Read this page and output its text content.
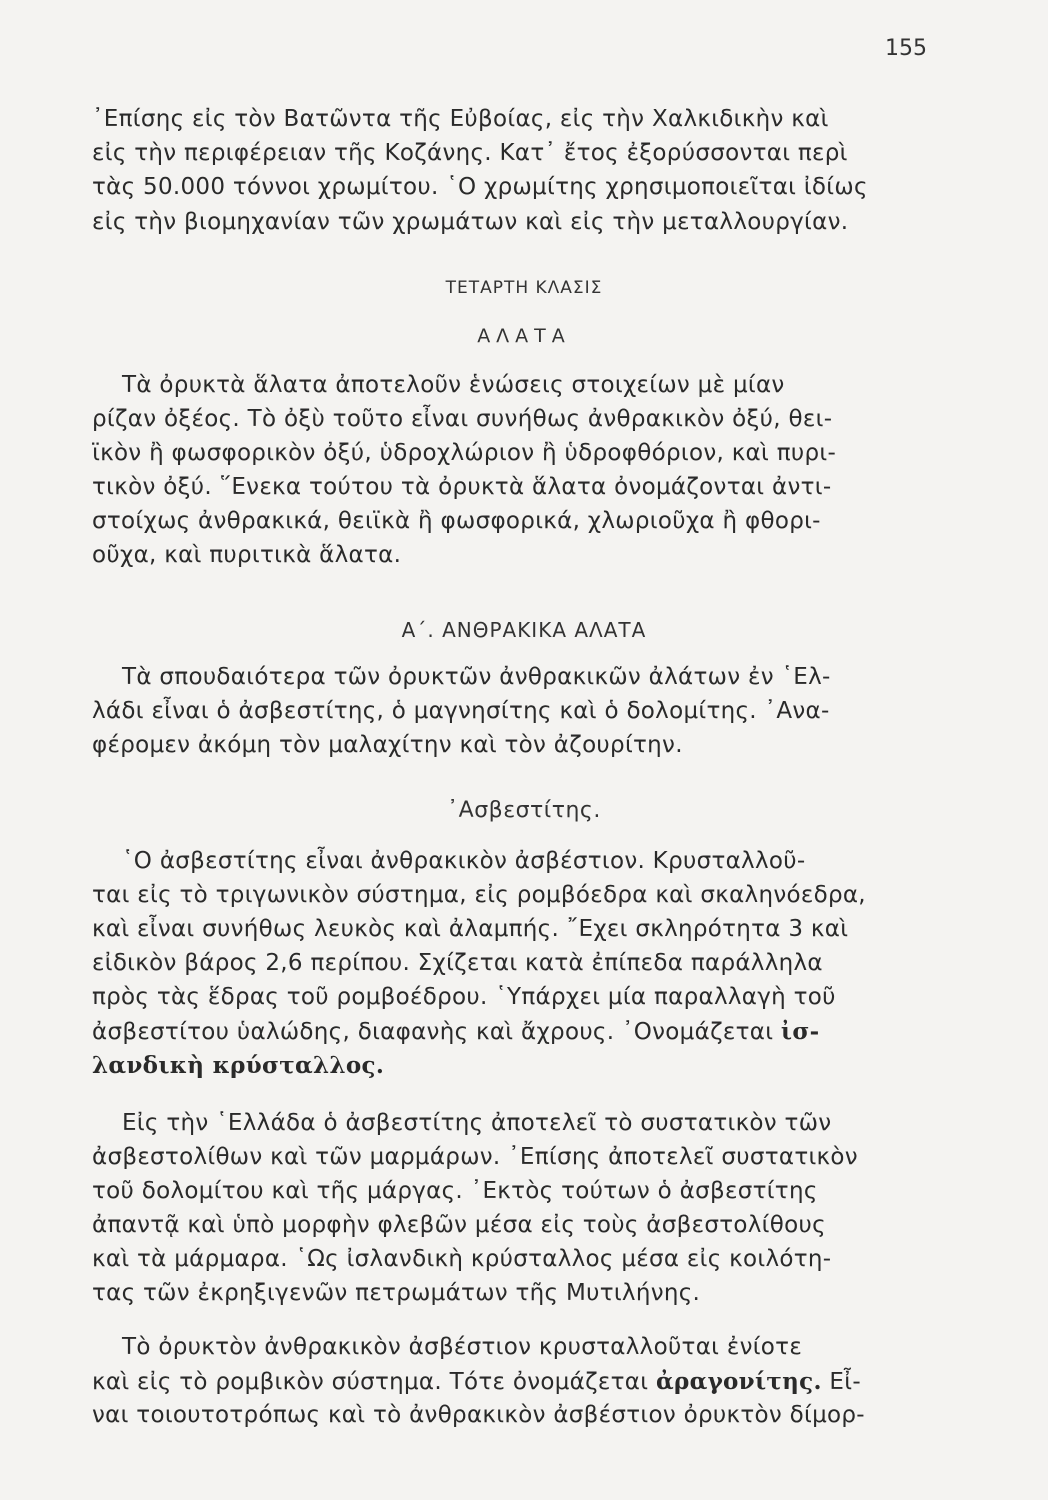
155
᾿Επίσης εἰς τὸν Βατῶντα τῆς Εὐβοίας, εἰς τὴν Χαλκιδικὴν καὶ
εἰς τὴν περιφέρειαν τῆς Κοζάνης. Κατ᾿ ἔτος ἐξορύσσονται περὶ
τὰς 50.000 τόννοι χρωμίτου. ῾Ο χρωμίτης χρησιμοποιεῖται ἰδίως
εἰς τὴν βιομηχανίαν τῶν χρωμάτων καὶ εἰς τὴν μεταλλουργίαν.
ΤΕΤΑΡΤΗ ΚΛΑΣΙΣ
ΑΛΑΤΑ
Τὰ ὀρυκτὰ ἅλατα ἀποτελοῦν ἑνώσεις στοιχείων μὲ μίαν
ρίζαν ὀξέος. Τὸ ὀξὺ τοῦτο εἶναι συνήθως ἀνθρακικὸν ὀξύ, θει-
ϊκὸν ἢ φωσφορικὸν ὀξύ, ὑδροχλώριον ἢ ὑδροφθόριον, καὶ πυρι-
τικὸν ὀξύ. ῞Ενεκα τούτου τὰ ὀρυκτὰ ἅλατα ὀνομάζονται ἀντι-
στοίχως ἀνθρακικά, θειϊκὰ ἢ φωσφορικά, χλωριοῦχα ἢ φθορι-
οῦχα, καὶ πυριτικὰ ἅλατα.
Α΄. ΑΝΘΡΑΚΙΚΑ ΑΛΑΤΑ
Τὰ σπουδαιότερα τῶν ὀρυκτῶν ἀνθρακικῶν ἀλάτων ἐν ῾Ελ-
λάδι εἶναι ὁ ἀσβεστίτης, ὁ μαγνησίτης καὶ ὁ δολομίτης. ᾿Ανα-
φέρομεν ἀκόμη τὸν μαλαχίτην καὶ τὸν ἀζουρίτην.
᾿Ασβεστίτης.
῾Ο ἀσβεστίτης εἶναι ἀνθρακικὸν ἀσβέστιον. Κρυσταλλοῦ-
ται εἰς τὸ τριγωνικὸν σύστημα, εἰς ρομβόεδρα καὶ σκαληνόεδρα,
καὶ εἶναι συνήθως λευκὸς καὶ ἀλαμπής. ῎Εχει σκληρότητα 3 καὶ
εἰδικὸν βάρος 2,6 περίπου. Σχίζεται κατὰ ἐπίπεδα παράλληλα
πρὸς τὰς ἕδρας τοῦ ρομβοέδρου. ῾Υπάρχει μία παραλλαγὴ τοῦ
ἀσβεστίτου ὑαλώδης, διαφανὴς καὶ ἄχρους. ᾿Ονομάζεται ἰσ-
λανδικὴ κρύσταλλος.
Εἰς τὴν ῾Ελλάδα ὁ ἀσβεστίτης ἀποτελεῖ τὸ συστατικὸν τῶν
ἀσβεστολίθων καὶ τῶν μαρμάρων. ᾿Επίσης ἀποτελεῖ συστατικὸν
τοῦ δολομίτου καὶ τῆς μάργας. ᾿Εκτὸς τούτων ὁ ἀσβεστίτης
ἀπαντᾷ καὶ ὑπὸ μορφὴν φλεβῶν μέσα εἰς τοὺς ἀσβεστολίθους
καὶ τὰ μάρμαρα. ῾Ως ἰσλανδικὴ κρύσταλλος μέσα εἰς κοιλότη-
τας τῶν ἐκρηξιγενῶν πετρωμάτων τῆς Μυτιλήνης.
Τὸ ὀρυκτὸν ἀνθρακικὸν ἀσβέστιον κρυσταλλοῦται ἐνίοτε
καὶ εἰς τὸ ρομβικὸν σύστημα. Τότε ὀνομάζεται ἀραγονίτης. Εἶ-
ναι τοιουτοτρόπως καὶ τὸ ἀνθρακικὸν ἀσβέστιον ὀρυκτὸν δίμορ-
